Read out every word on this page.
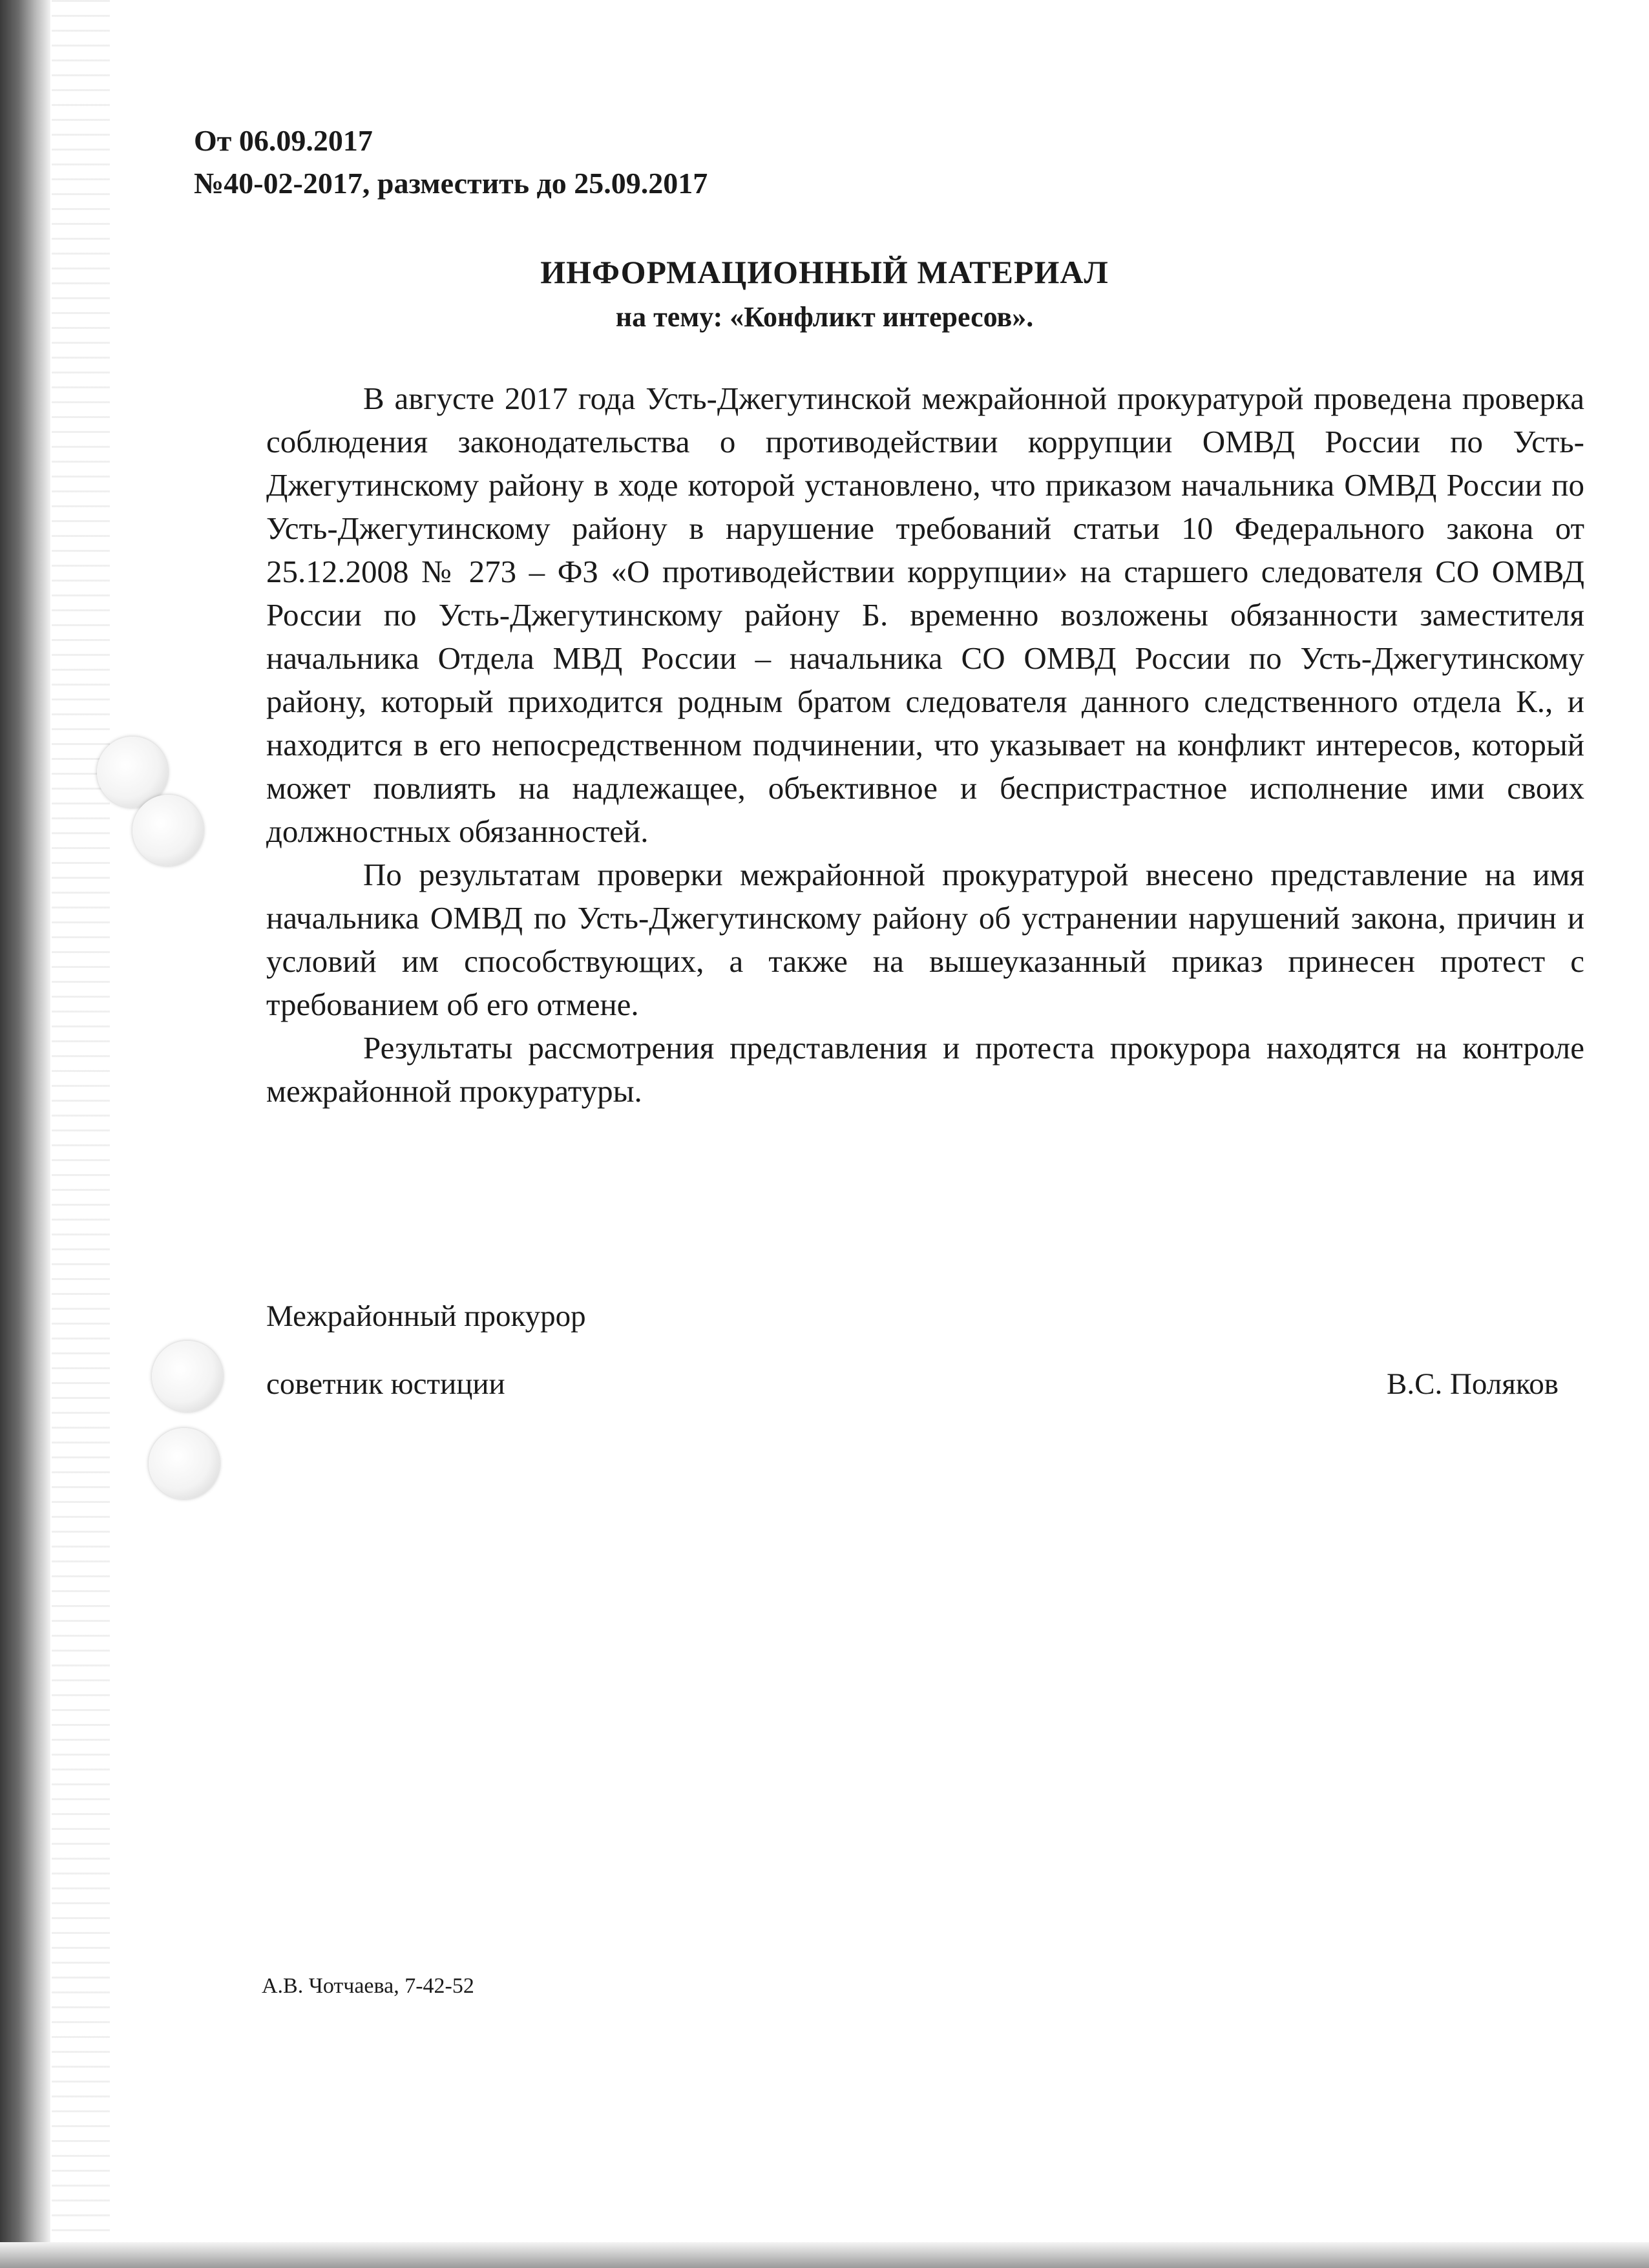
От 06.09.2017
№40-02-2017, разместить до 25.09.2017
ИНФОРМАЦИОННЫЙ МАТЕРИАЛ
на тему: «Конфликт интересов».

В августе 2017 года Усть-Джегутинской межрайонной прокуратурой проведена проверка соблюдения законодательства о противодействии коррупции ОМВД России по Усть-Джегутинскому району в ходе которой установлено, что приказом начальника ОМВД России по Усть-Джегутинскому району в нарушение требований статьи 10 Федерального закона от 25.12.2008 № 273 – ФЗ «О противодействии коррупции» на старшего следователя СО ОМВД России по Усть-Джегутинскому району Б. временно возложены обязанности заместителя начальника Отдела МВД России – начальника СО ОМВД России по Усть-Джегутинскому району, который приходится родным братом следователя данного следственного отдела К., и находится в его непосредственном подчинении, что указывает на конфликт интересов, который может повлиять на надлежащее, объективное и беспристрастное исполнение ими своих должностных обязанностей.

По результатам проверки межрайонной прокуратурой внесено представление на имя начальника ОМВД по Усть-Джегутинскому району об устранении нарушений закона, причин и условий им способствующих, а также на вышеуказанный приказ принесен протест с требованием об его отмене.

Результаты рассмотрения представления и протеста прокурора находятся на контроле межрайонной прокуратуры.

Межрайонный прокурор
советник юстиции	В.С. Поляков
А.В. Чотчаева, 7-42-52
